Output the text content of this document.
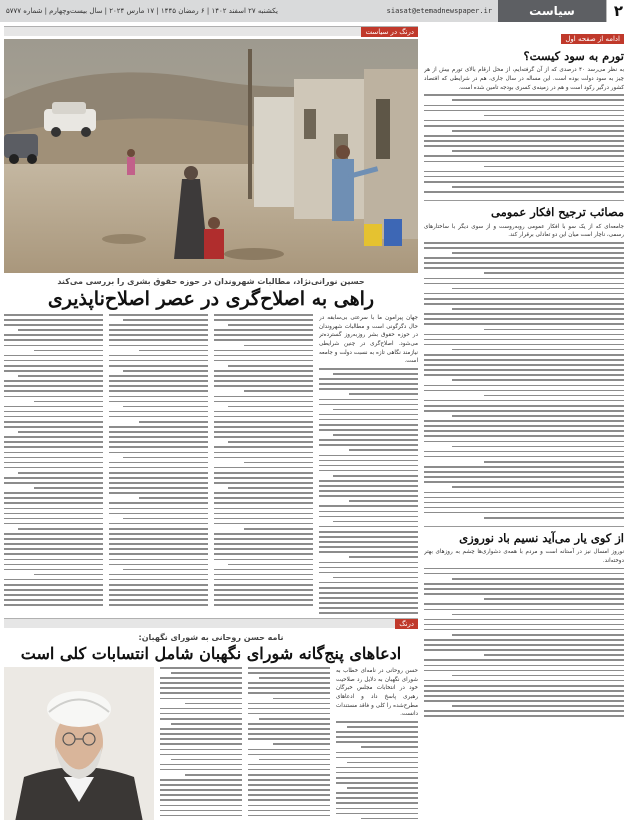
۲
سیاست
siasat@etemadnewspaper.ir
یکشنبه ۲۷ اسفند ۱۴۰۲ | ۶ رمضان ۱۴۴۵ | ۱۷ مارس ۲۰۲۴ | سال بیست‌وچهارم | شماره ۵۷۷۷
ادامه از صفحه اول
تورم به سود کیست؟

به نظر می‌رسد ۴۰ درصدی که از آن گرفته‌ایم، از محل ارقام بالای تورم بیش از هر چیز به سود دولت بوده است. این مساله در سال جاری، هم در شرایطی که اقتصاد کشور درگیر رکود است و هم در زمینه‌ی کسری بودجه تامین شده است.

مصائب ترجیح افکار عمومی

جامعه‌ای که از یک سو با افکار عمومی روبه‌روست و از سوی دیگر با ساختارهای رسمی، ناچار است میان این دو تعادلی برقرار کند.

از کوی یار می‌آید نسیم باد نوروزی

نوروز امسال نیز در آستانه است و مردم با همه‌ی دشواری‌ها چشم به روزهای بهتر دوخته‌اند.

درنگ در سیاست
حسین نورانی‌نژاد، مطالبات شهروندان در حوزه حقوق بشری را بررسی می‌کند
راهی به اصلاح‌گری در عصر اصلاح‌ناپذیری

جهان پیرامون ما با سرعتی بی‌سابقه در حال دگرگونی است و مطالبات شهروندان در حوزه حقوق بشر روزبه‌روز گسترده‌تر می‌شود. اصلاح‌گری در چنین شرایطی نیازمند نگاهی تازه به نسبت دولت و جامعه است.

درنگ
نامه حسن روحانی به شورای نگهبان:
ادعاهای پنج‌گانه شورای نگهبان شامل انتسابات کلی است

حسن روحانی در نامه‌ای خطاب به شورای نگهبان به دلایل رد صلاحیت خود در انتخابات مجلس خبرگان رهبری پاسخ داد و ادعاهای مطرح‌شده را کلی و فاقد مستندات دانست.
